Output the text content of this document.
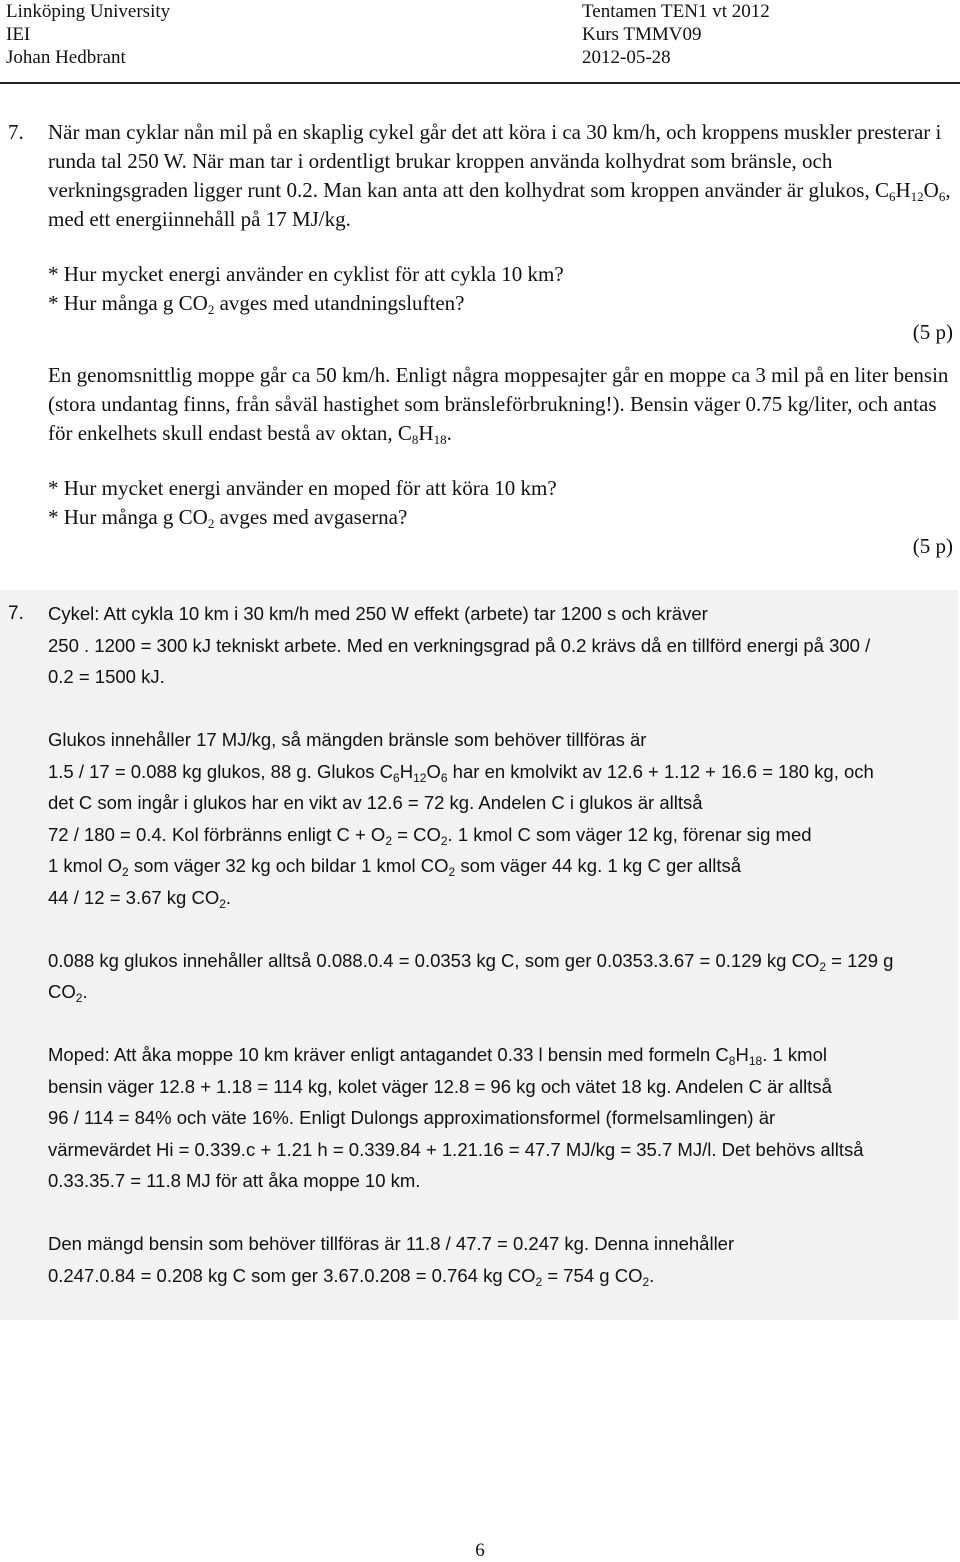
Linköping University
IEI
Johan Hedbrant
Tentamen TEN1 vt 2012
Kurs TMMV09
2012-05-28
7. När man cyklar nån mil på en skaplig cykel går det att köra i ca 30 km/h, och kroppens muskler presterar i runda tal 250 W. När man tar i ordentligt brukar kroppen använda kolhydrat som bränsle, och verkningsgraden ligger runt 0.2. Man kan anta att den kolhydrat som kroppen använder är glukos, $C_6H_{12}O_6$, med ett energiinnehåll på 17 MJ/kg.

* Hur mycket energi använder en cyklist för att cykla 10 km?
* Hur många g $CO_2$ avges med utandningsluften?
(5 p)

En genomsnittlig moppe går ca 50 km/h. Enligt några moppesajter går en moppe ca 3 mil på en liter bensin (stora undantag finns, från såväl hastighet som bränsleförbrukning!). Bensin väger 0.75 kg/liter, och antas för enkelhets skull endast bestå av oktan, $C_8H_{18}$.

* Hur mycket energi använder en moped för att köra 10 km?
* Hur många g $CO_2$ avges med avgaserna?
(5 p)
7. Cykel: Att cykla 10 km i 30 km/h med 250 W effekt (arbete) tar 1200 s och kräver
250 . 1200 = 300 kJ tekniskt arbete. Med en verkningsgrad på 0.2 krävs då en tillförd energi på 300 /
0.2 = 1500 kJ.
Glukos innehåller 17 MJ/kg, så mängden bränsle som behöver tillföras är
1.5 / 17 = 0.088 kg glukos, 88 g. Glukos $C_6H_{12}O_6$ har en kmolvikt av 12.6 + 1.12 + 16.6 = 180 kg, och
det C som ingår i glukos har en vikt av 12.6 = 72 kg. Andelen C i glukos är alltså
72 / 180 = 0.4. Kol förbränns enligt $C + O_2 = CO_2$. 1 kmol C som väger 12 kg, förenar sig med
1 kmol $O_2$ som väger 32 kg och bildar 1 kmol $CO_2$ som väger 44 kg. 1 kg C ger alltså
44 / 12 = 3.67 kg $CO_2$.
0.088 kg glukos innehåller alltså 0.088.0.4 = 0.0353 kg C, som ger 0.0353.3.67 = 0.129 kg $CO_2 = 129$ g
$CO_2$.
Moped: Att åka moppe 10 km kräver enligt antagandet 0.33 l bensin med formeln $C_8H_{18}$. 1 kmol
bensin väger 12.8 + 1.18 = 114 kg, kolet väger 12.8 = 96 kg och vätet 18 kg. Andelen C är alltså
96 / 114 = 84% och väte 16%. Enligt Dulongs approximationsformel (formelsamlingen) är
värmevärdet Hi = 0.339.c + 1.21 h = 0.339.84 + 1.21.16 = 47.7 MJ/kg = 35.7 MJ/l. Det behövs alltså
0.33.35.7 = 11.8 MJ för att åka moppe 10 km.
Den mängd bensin som behöver tillföras är 11.8 / 47.7 = 0.247 kg. Denna innehåller
0.247.0.84 = 0.208 kg C som ger 3.67.0.208 = 0.764 kg $CO_2 = 754$ g $CO_2$.
6
